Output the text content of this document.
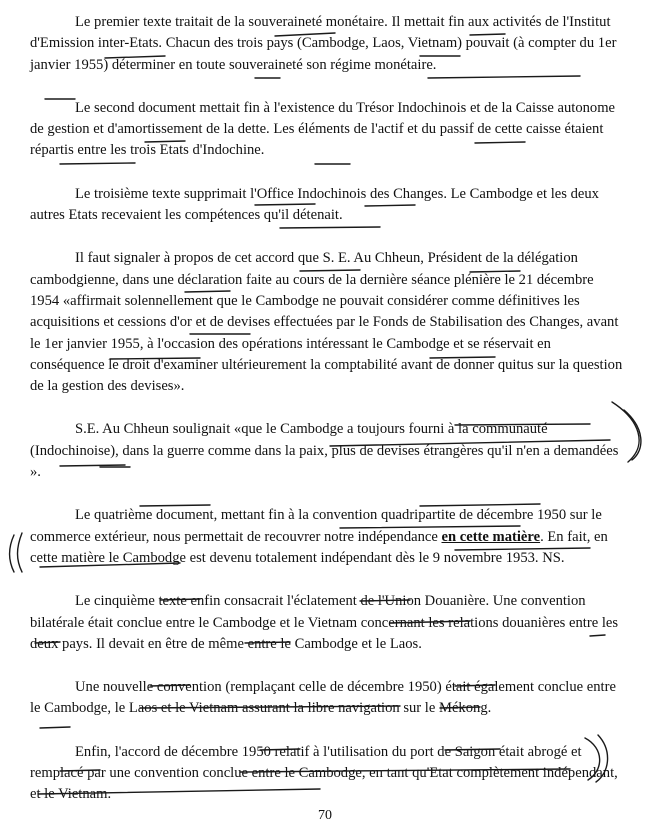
Le premier texte traitait de la souveraineté monétaire. Il mettait fin aux activités de l'Institut d'Emission inter-Etats. Chacun des trois pays (Cambodge, Laos, Vietnam) pouvait (à compter du 1er janvier 1955) déterminer en toute souveraineté son régime monétaire.

Le second document mettait fin à l'existence du Trésor Indochinois et de la Caisse autonome de gestion et d'amortissement de la dette. Les éléments de l'actif et du passif de cette caisse étaient répartis entre les trois Etats d'Indochine.

Le troisième texte supprimait l'Office Indochinois des Changes. Le Cambodge et les deux autres Etats recevaient les compétences qu'il détenait.

Il faut signaler à propos de cet accord que S. E. Au Chheun, Président de la délégation cambodgienne, dans une déclaration faite au cours de la dernière séance plénière le 21 décembre 1954 «affirmait solennellement que le Cambodge ne pouvait considérer comme définitives les acquisitions et cessions d'or et de devises effectuées par le Fonds de Stabilisation des Changes, avant le 1er janvier 1955, à l'occasion des opérations intéressant le Cambodge et se réservait en conséquence le droit d'examiner ultérieurement la comptabilité avant de donner quitus sur la question de la gestion des devises».

S.E. Au Chheun soulignait «que le Cambodge a toujours fourni à la communauté (Indochinoise), dans la guerre comme dans la paix, plus de devises étrangères qu'il n'en a demandées ».

Le quatrième document, mettant fin à la convention quadripartite de décembre 1950 sur le commerce extérieur, nous permettait de recouvrer notre indépendance en cette matière. En fait, en cette matière le Cambodge est devenu totalement indépendant dès le 9 novembre 1953. NS.

Le cinquième texte enfin consacrait l'éclatement de l'Union Douanière. Une convention bilatérale était conclue entre le Cambodge et le Vietnam concernant les relations douanières entre les deux pays. Il devait en être de même entre le Cambodge et le Laos.

Une nouvelle convention (remplaçant celle de décembre 1950) était également conclue entre le Cambodge, le Laos et le Vietnam assurant la libre navigation sur le Mékong.

Enfin, l'accord de décembre 1950 relatif à l'utilisation du port de Saigon était abrogé et remplacé par une convention conclue entre le Cambodge, en tant qu'Etat complètement indépendant, et le Vietnam.

70
